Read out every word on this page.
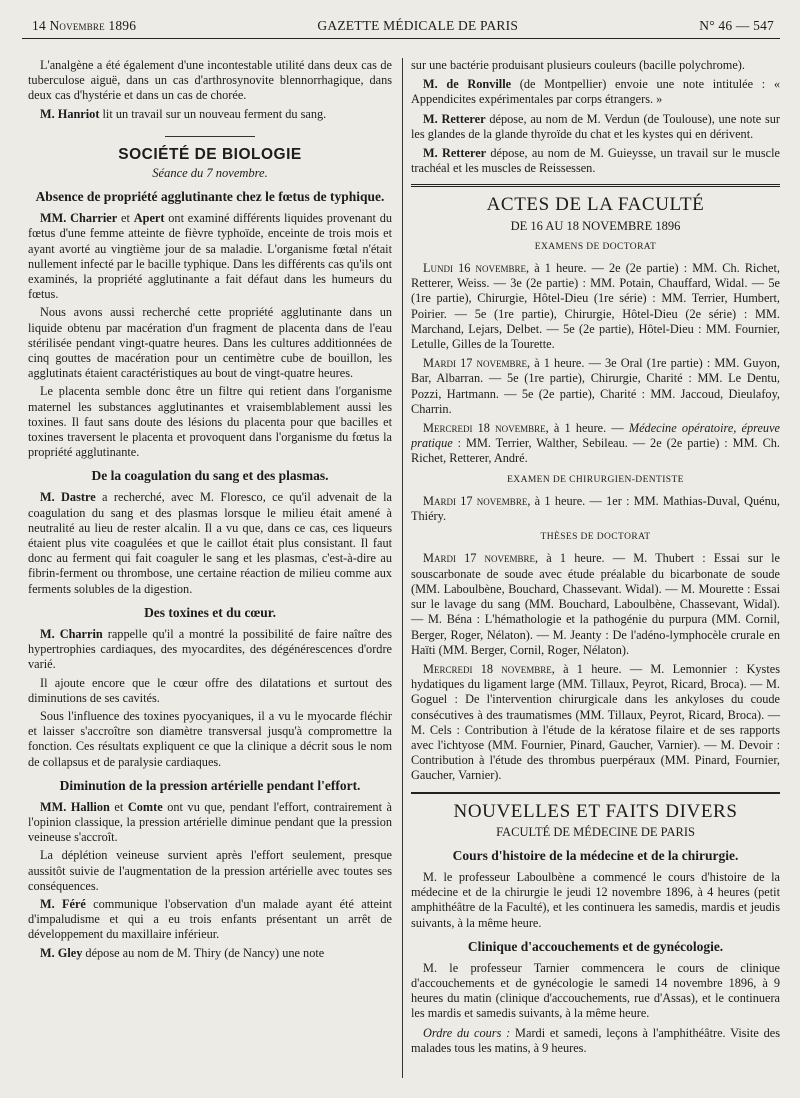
14 Novembre 1896	GAZETTE MÉDICALE DE PARIS	N° 46 — 547

L'analgène a été également d'une incontestable utilité dans deux cas de tuberculose aiguë, dans un cas d'arthrosynovite blennorrhagique, dans deux cas d'hystérie et dans un cas de chorée.

M. Hanriot lit un travail sur un nouveau ferment du sang.

SOCIÉTÉ DE BIOLOGIE
Séance du 7 novembre.
Absence de propriété agglutinante chez le fœtus de typhique.

MM. Charrier et Apert ont examiné différents liquides provenant du fœtus d'une femme atteinte de fièvre typhoïde, enceinte de trois mois et ayant avorté au vingtième jour de sa maladie. L'organisme fœtal n'était nullement infecté par le bacille typhique. Dans les différents cas qu'ils ont examinés, la propriété agglutinante a fait défaut dans les humeurs du fœtus.

Nous avons aussi recherché cette propriété agglutinante dans un liquide obtenu par macération d'un fragment de placenta dans de l'eau stérilisée pendant vingt-quatre heures. Dans les cultures additionnées de cinq gouttes de macération pour un centimètre cube de bouillon, les agglutinats étaient caractéristiques au bout de vingt-quatre heures.

Le placenta semble donc être un filtre qui retient dans l'organisme maternel les substances agglutinantes et vraisemblablement aussi les toxines. Il faut sans doute des lésions du placenta pour que bacilles et toxines traversent le placenta et provoquent dans l'organisme du fœtus la propriété agglutinante.

De la coagulation du sang et des plasmas.

M. Dastre a recherché, avec M. Floresco, ce qu'il advenait de la coagulation du sang et des plasmas lorsque le milieu était amené à neutralité au lieu de rester alcalin. Il a vu que, dans ce cas, ces liqueurs étaient plus vite coagulées et que le caillot était plus consistant. Il faut donc au ferment qui fait coaguler le sang et les plasmas, c'est-à-dire au fibrin-ferment ou thrombose, une certaine réaction de milieu comme aux ferments solubles de la digestion.

Des toxines et du cœur.

M. Charrin rappelle qu'il a montré la possibilité de faire naître des hypertrophies cardiaques, des myocardites, des dégénérescences d'ordre varié.

Il ajoute encore que le cœur offre des dilatations et surtout des diminutions de ses cavités.

Sous l'influence des toxines pyocyaniques, il a vu le myocarde fléchir et laisser s'accroître son diamètre transversal jusqu'à compromettre la fonction. Ces résultats expliquent ce que la clinique a décrit sous le nom de collapsus et de paralysie cardiaques.

Diminution de la pression artérielle pendant l'effort.

MM. Hallion et Comte ont vu que, pendant l'effort, contrairement à l'opinion classique, la pression artérielle diminue pendant que la pression veineuse s'accroît.

La déplétion veineuse survient après l'effort seulement, presque aussitôt suivie de l'augmentation de la pression artérielle avec toutes ses conséquences.

M. Féré communique l'observation d'un malade ayant été atteint d'impaludisme et qui a eu trois enfants présentant un arrêt de développement du maxillaire inférieur.

M. Gley dépose au nom de M. Thiry (de Nancy) une note

sur une bactérie produisant plusieurs couleurs (bacille polychrome).

M. de Ronville (de Montpellier) envoie une note intitulée : « Appendicites expérimentales par corps étrangers. »

M. Retterer dépose, au nom de M. Verdun (de Toulouse), une note sur les glandes de la glande thyroïde du chat et les kystes qui en dérivent.

M. Retterer dépose, au nom de M. Guieysse, un travail sur le muscle trachéal et les muscles de Reissessen.

ACTES DE LA FACULTÉ
DE 16 AU 18 NOVEMBRE 1896
EXAMENS DE DOCTORAT

Lundi 16 novembre, à 1 heure. — 2e (2e partie) : MM. Ch. Richet, Retterer, Weiss. — 3e (2e partie) : MM. Potain, Chauffard, Widal. — 5e (1re partie), Chirurgie, Hôtel-Dieu (1re série) : MM. Terrier, Humbert, Poirier. — 5e (1re partie), Chirurgie, Hôtel-Dieu (2e série) : MM. Marchand, Lejars, Delbet. — 5e (2e partie), Hôtel-Dieu : MM. Fournier, Letulle, Gilles de la Tourette.

Mardi 17 novembre, à 1 heure. — 3e Oral (1re partie) : MM. Guyon, Bar, Albarran. — 5e (1re partie), Chirurgie, Charité : MM. Le Dentu, Pozzi, Hartmann. — 5e (2e partie), Charité : MM. Jaccoud, Dieulafoy, Charrin.

Mercredi 18 novembre, à 1 heure. — Médecine opératoire, épreuve pratique : MM. Terrier, Walther, Sebileau. — 2e (2e partie) : MM. Ch. Richet, Retterer, André.

EXAMEN DE CHIRURGIEN-DENTISTE

Mardi 17 novembre, à 1 heure. — 1er : MM. Mathias-Duval, Quénu, Thiéry.

THÈSES DE DOCTORAT

Mardi 17 novembre, à 1 heure. — M. Thubert : Essai sur le souscarbonate de soude avec étude préalable du bicarbonate de soude (MM. Laboulbène, Bouchard, Chassevant. Widal). — M. Mourette : Essai sur le lavage du sang (MM. Bouchard, Laboulbène, Chassevant, Widal). — M. Béna : L'hémathologie et la pathogénie du purpura (MM. Cornil, Berger, Roger, Nélaton). — M. Jeanty : De l'adéno-lymphocèle crurale en Haïti (MM. Berger, Cornil, Roger, Nélaton).

Mercredi 18 novembre, à 1 heure. — M. Lemonnier : Kystes hydatiques du ligament large (MM. Tillaux, Peyrot, Ricard, Broca). — M. Goguel : De l'intervention chirurgicale dans les ankyloses du coude consécutives à des traumatismes (MM. Tillaux, Peyrot, Ricard, Broca). — M. Cels : Contribution à l'étude de la kératose filaire et de ses rapports avec l'ichtyose (MM. Fournier, Pinard, Gaucher, Varnier). — M. Devoir : Contribution à l'étude des thrombus puerpéraux (MM. Pinard, Fournier, Gaucher, Varnier).

NOUVELLES ET FAITS DIVERS
FACULTÉ DE MÉDECINE DE PARIS
Cours d'histoire de la médecine et de la chirurgie.

M. le professeur Laboulbène a commencé le cours d'histoire de la médecine et de la chirurgie le jeudi 12 novembre 1896, à 4 heures (petit amphithéâtre de la Faculté), et les continuera les samedis, mardis et jeudis suivants, à la même heure.

Clinique d'accouchements et de gynécologie.

M. le professeur Tarnier commencera le cours de clinique d'accouchements et de gynécologie le samedi 14 novembre 1896, à 9 heures du matin (clinique d'accouchements, rue d'Assas), et le continuera les mardis et samedis suivants, à la même heure.

Ordre du cours : Mardi et samedi, leçons à l'amphithéâtre. Visite des malades tous les matins, à 9 heures.
